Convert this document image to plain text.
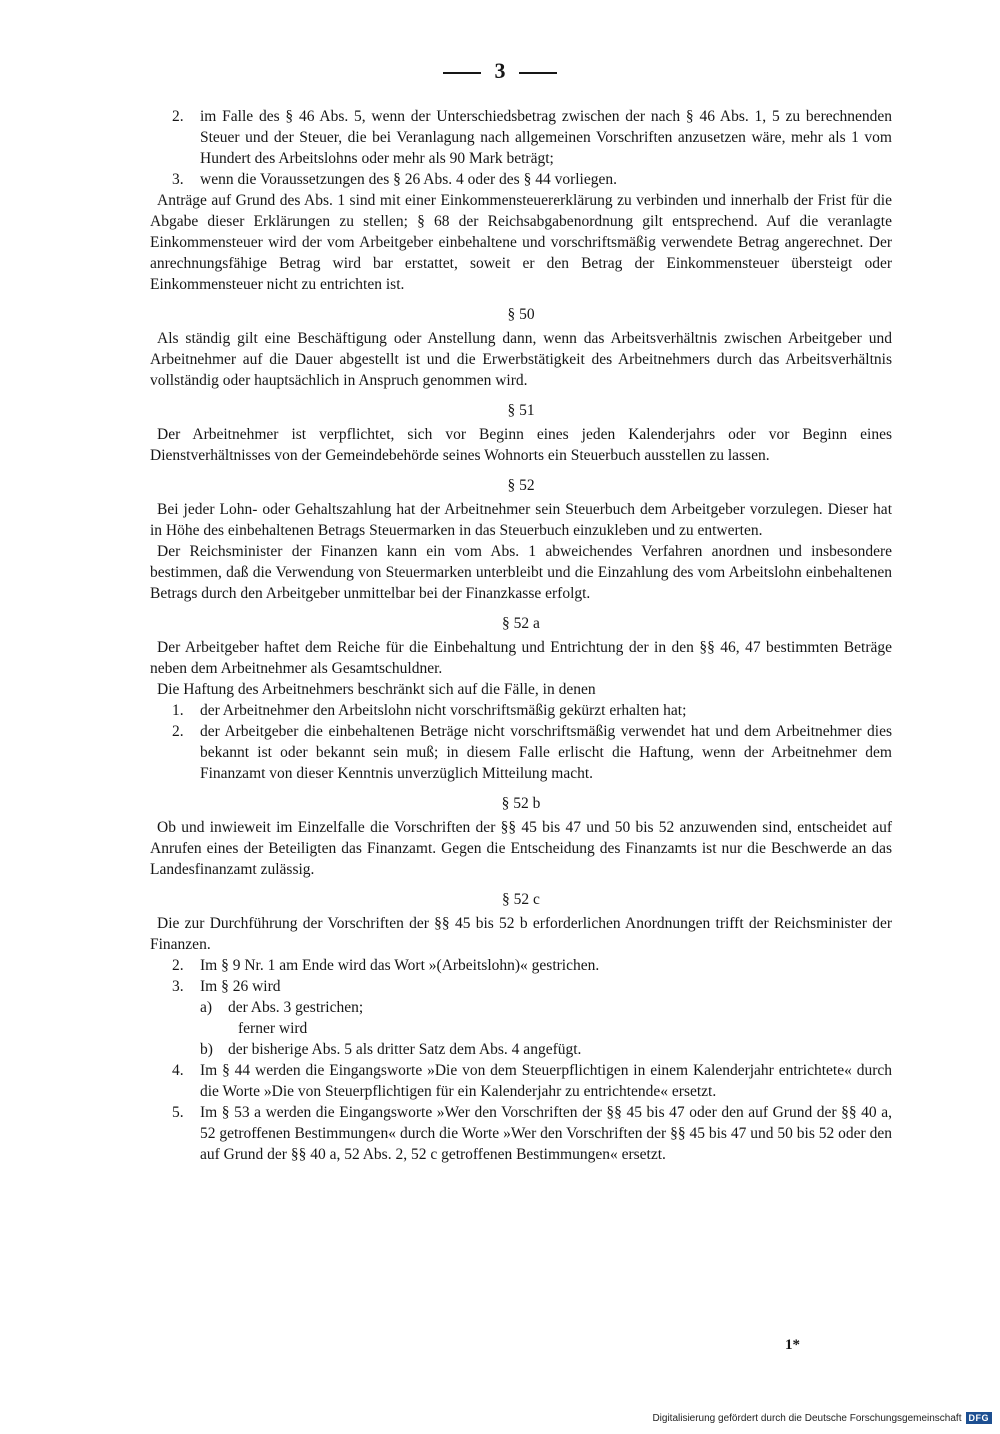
3
2.	im Falle des § 46 Abs. 5, wenn der Unterschiedsbetrag zwischen der nach § 46 Abs. 1, 5 zu berechnenden Steuer und der Steuer, die bei Veranlagung nach allgemeinen Vorschriften anzusetzen wäre, mehr als 1 vom Hundert des Arbeitslohns oder mehr als 90 Mark beträgt;
3.	wenn die Voraussetzungen des § 26 Abs. 4 oder des § 44 vorliegen.

Anträge auf Grund des Abs. 1 sind mit einer Einkommensteuererklärung zu verbinden und innerhalb der Frist für die Abgabe dieser Erklärungen zu stellen; § 68 der Reichsabgabenordnung gilt entsprechend. Auf die veranlagte Einkommensteuer wird der vom Arbeitgeber einbehaltene und vorschriftsmäßig verwendete Betrag angerechnet. Der anrechnungsfähige Betrag wird bar erstattet, soweit er den Betrag der Einkommensteuer übersteigt oder Einkommensteuer nicht zu entrichten ist.

§ 50

Als ständig gilt eine Beschäftigung oder Anstellung dann, wenn das Arbeitsverhältnis zwischen Arbeitgeber und Arbeitnehmer auf die Dauer abgestellt ist und die Erwerbstätigkeit des Arbeitnehmers durch das Arbeitsverhältnis vollständig oder hauptsächlich in Anspruch genommen wird.

§ 51

Der Arbeitnehmer ist verpflichtet, sich vor Beginn eines jeden Kalenderjahrs oder vor Beginn eines Dienstverhältnisses von der Gemeindebehörde seines Wohnorts ein Steuerbuch ausstellen zu lassen.

§ 52

Bei jeder Lohn- oder Gehaltszahlung hat der Arbeitnehmer sein Steuerbuch dem Arbeitgeber vorzulegen. Dieser hat in Höhe des einbehaltenen Betrags Steuermarken in das Steuerbuch einzukleben und zu entwerten.

Der Reichsminister der Finanzen kann ein vom Abs. 1 abweichendes Verfahren anordnen und insbesondere bestimmen, daß die Verwendung von Steuermarken unterbleibt und die Einzahlung des vom Arbeitslohn einbehaltenen Betrags durch den Arbeitgeber unmittelbar bei der Finanzkasse erfolgt.

§ 52 a

Der Arbeitgeber haftet dem Reiche für die Einbehaltung und Entrichtung der in den §§ 46, 47 bestimmten Beträge neben dem Arbeitnehmer als Gesamtschuldner.

Die Haftung des Arbeitnehmers beschränkt sich auf die Fälle, in denen

1.	der Arbeitnehmer den Arbeitslohn nicht vorschriftsmäßig gekürzt erhalten hat;
2.	der Arbeitgeber die einbehaltenen Beträge nicht vorschriftsmäßig verwendet hat und dem Arbeitnehmer dies bekannt ist oder bekannt sein muß; in diesem Falle erlischt die Haftung, wenn der Arbeitnehmer dem Finanzamt von dieser Kenntnis unverzüglich Mitteilung macht.
§ 52 b

Ob und inwieweit im Einzelfalle die Vorschriften der §§ 45 bis 47 und 50 bis 52 anzuwenden sind, entscheidet auf Anrufen eines der Beteiligten das Finanzamt. Gegen die Entscheidung des Finanzamts ist nur die Beschwerde an das Landesfinanzamt zulässig.

§ 52 c

Die zur Durchführung der Vorschriften der §§ 45 bis 52 b erforderlichen Anordnungen trifft der Reichsminister der Finanzen.

2.	Im § 9 Nr. 1 am Ende wird das Wort »(Arbeitslohn)« gestrichen.
3.	Im § 26 wird
a)	der Abs. 3 gestrichen;
ferner wird
b) der bisherige Abs. 5 als dritter Satz dem Abs. 4 angefügt.
4.	Im § 44 werden die Eingangsworte »Die von dem Steuerpflichtigen in einem Kalenderjahr entrichtete« durch die Worte »Die von Steuerpflichtigen für ein Kalenderjahr zu entrichtende« ersetzt.
5.	Im § 53 a werden die Eingangsworte »Wer den Vorschriften der §§ 45 bis 47 oder den auf Grund der §§ 40 a, 52 getroffenen Bestimmungen« durch die Worte »Wer den Vorschriften der §§ 45 bis 47 und 50 bis 52 oder den auf Grund der §§ 40 a, 52 Abs. 2, 52 c getroffenen Bestimmungen« ersetzt.
1*
Digitalisierung gefördert durch die Deutsche Forschungsgemeinschaft DFG
